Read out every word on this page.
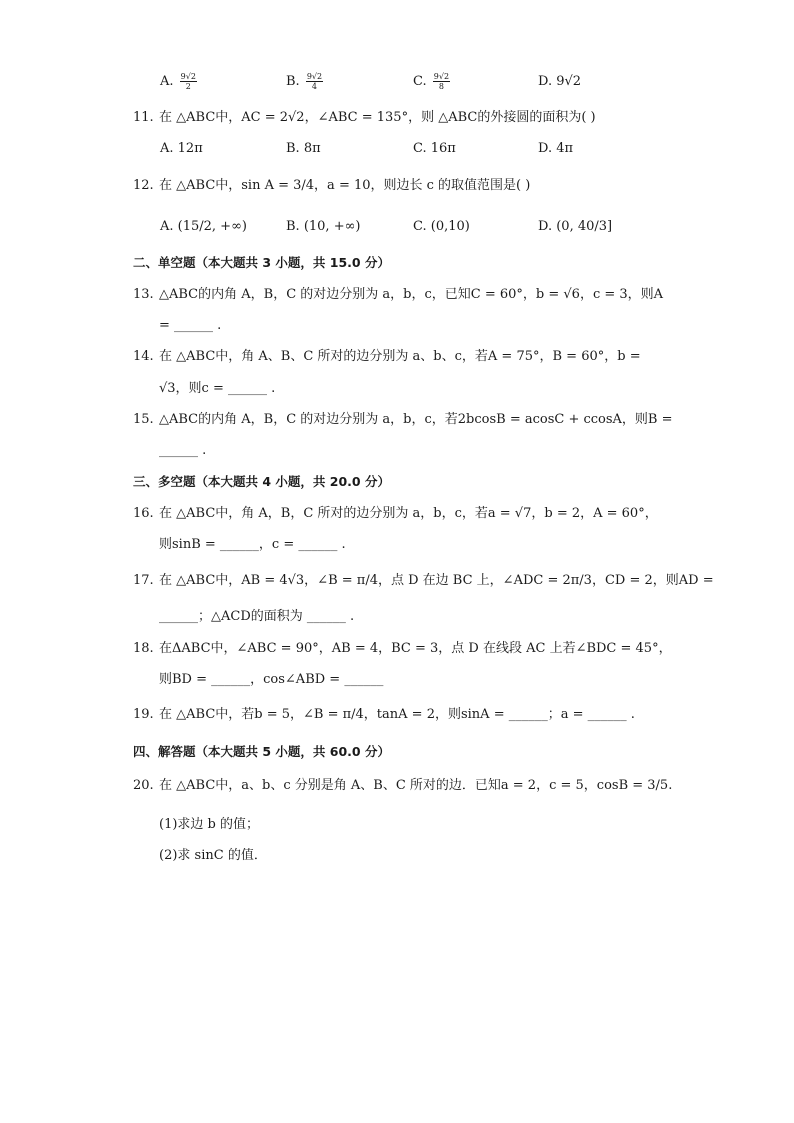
A. $\frac{9√2}{2}$	B. $\frac{9√2}{4}$	C. $\frac{9√2}{8}$	D. 9√2
11. 在 △ABC中，AC = 2√2，∠ABC = 135°，则 △ABC的外接圆的面积为( )
A. 12π	B. 8π	C. 16π	D. 4π
12. 在 △ABC中，sin A = 3/4，a = 10，则边长 c 的取值范围是( )
A. (15/2, +∞)	B. (10, +∞)	C. (0,10)	D. (0, 40/3]
二、单空题（本大题共 3 小题，共 15.0 分）
13. △ABC的内角 A，B，C 的对边分别为 a，b，c，已知C = 60°，b = √6，c = 3，则A
= ______ .
14. 在 △ABC中，角 A、B、C 所对的边分别为 a、b、c，若A = 75°，B = 60°，b =
√3，则c = ______ .
15. △ABC的内角 A，B，C 的对边分别为 a，b，c，若2bcosB = acosC + ccosA，则B =
______ .
三、多空题（本大题共 4 小题，共 20.0 分）
16. 在 △ABC中，角 A，B，C 所对的边分别为 a，b，c，若a = √7，b = 2，A = 60°，
则sinB = ______，c = ______ .
17. 在 △ABC中，AB = 4√3，∠B = π/4，点 D 在边 BC 上，∠ADC = 2π/3，CD = 2，则AD =
______；△ACD的面积为 ______ .
18. 在ΔABC中，∠ABC = 90°，AB = 4，BC = 3，点 D 在线段 AC 上若∠BDC = 45°，
则BD = ______，cos∠ABD = ______
19. 在 △ABC中，若b = 5，∠B = π/4，tanA = 2，则sinA = ______；a = ______ .
四、解答题（本大题共 5 小题，共 60.0 分）
20. 在 △ABC中，a、b、c 分别是角 A、B、C 所对的边．已知a = 2，c = 5，cosB = 3/5.
(1)求边 b 的值；
(2)求 sinC 的值．
